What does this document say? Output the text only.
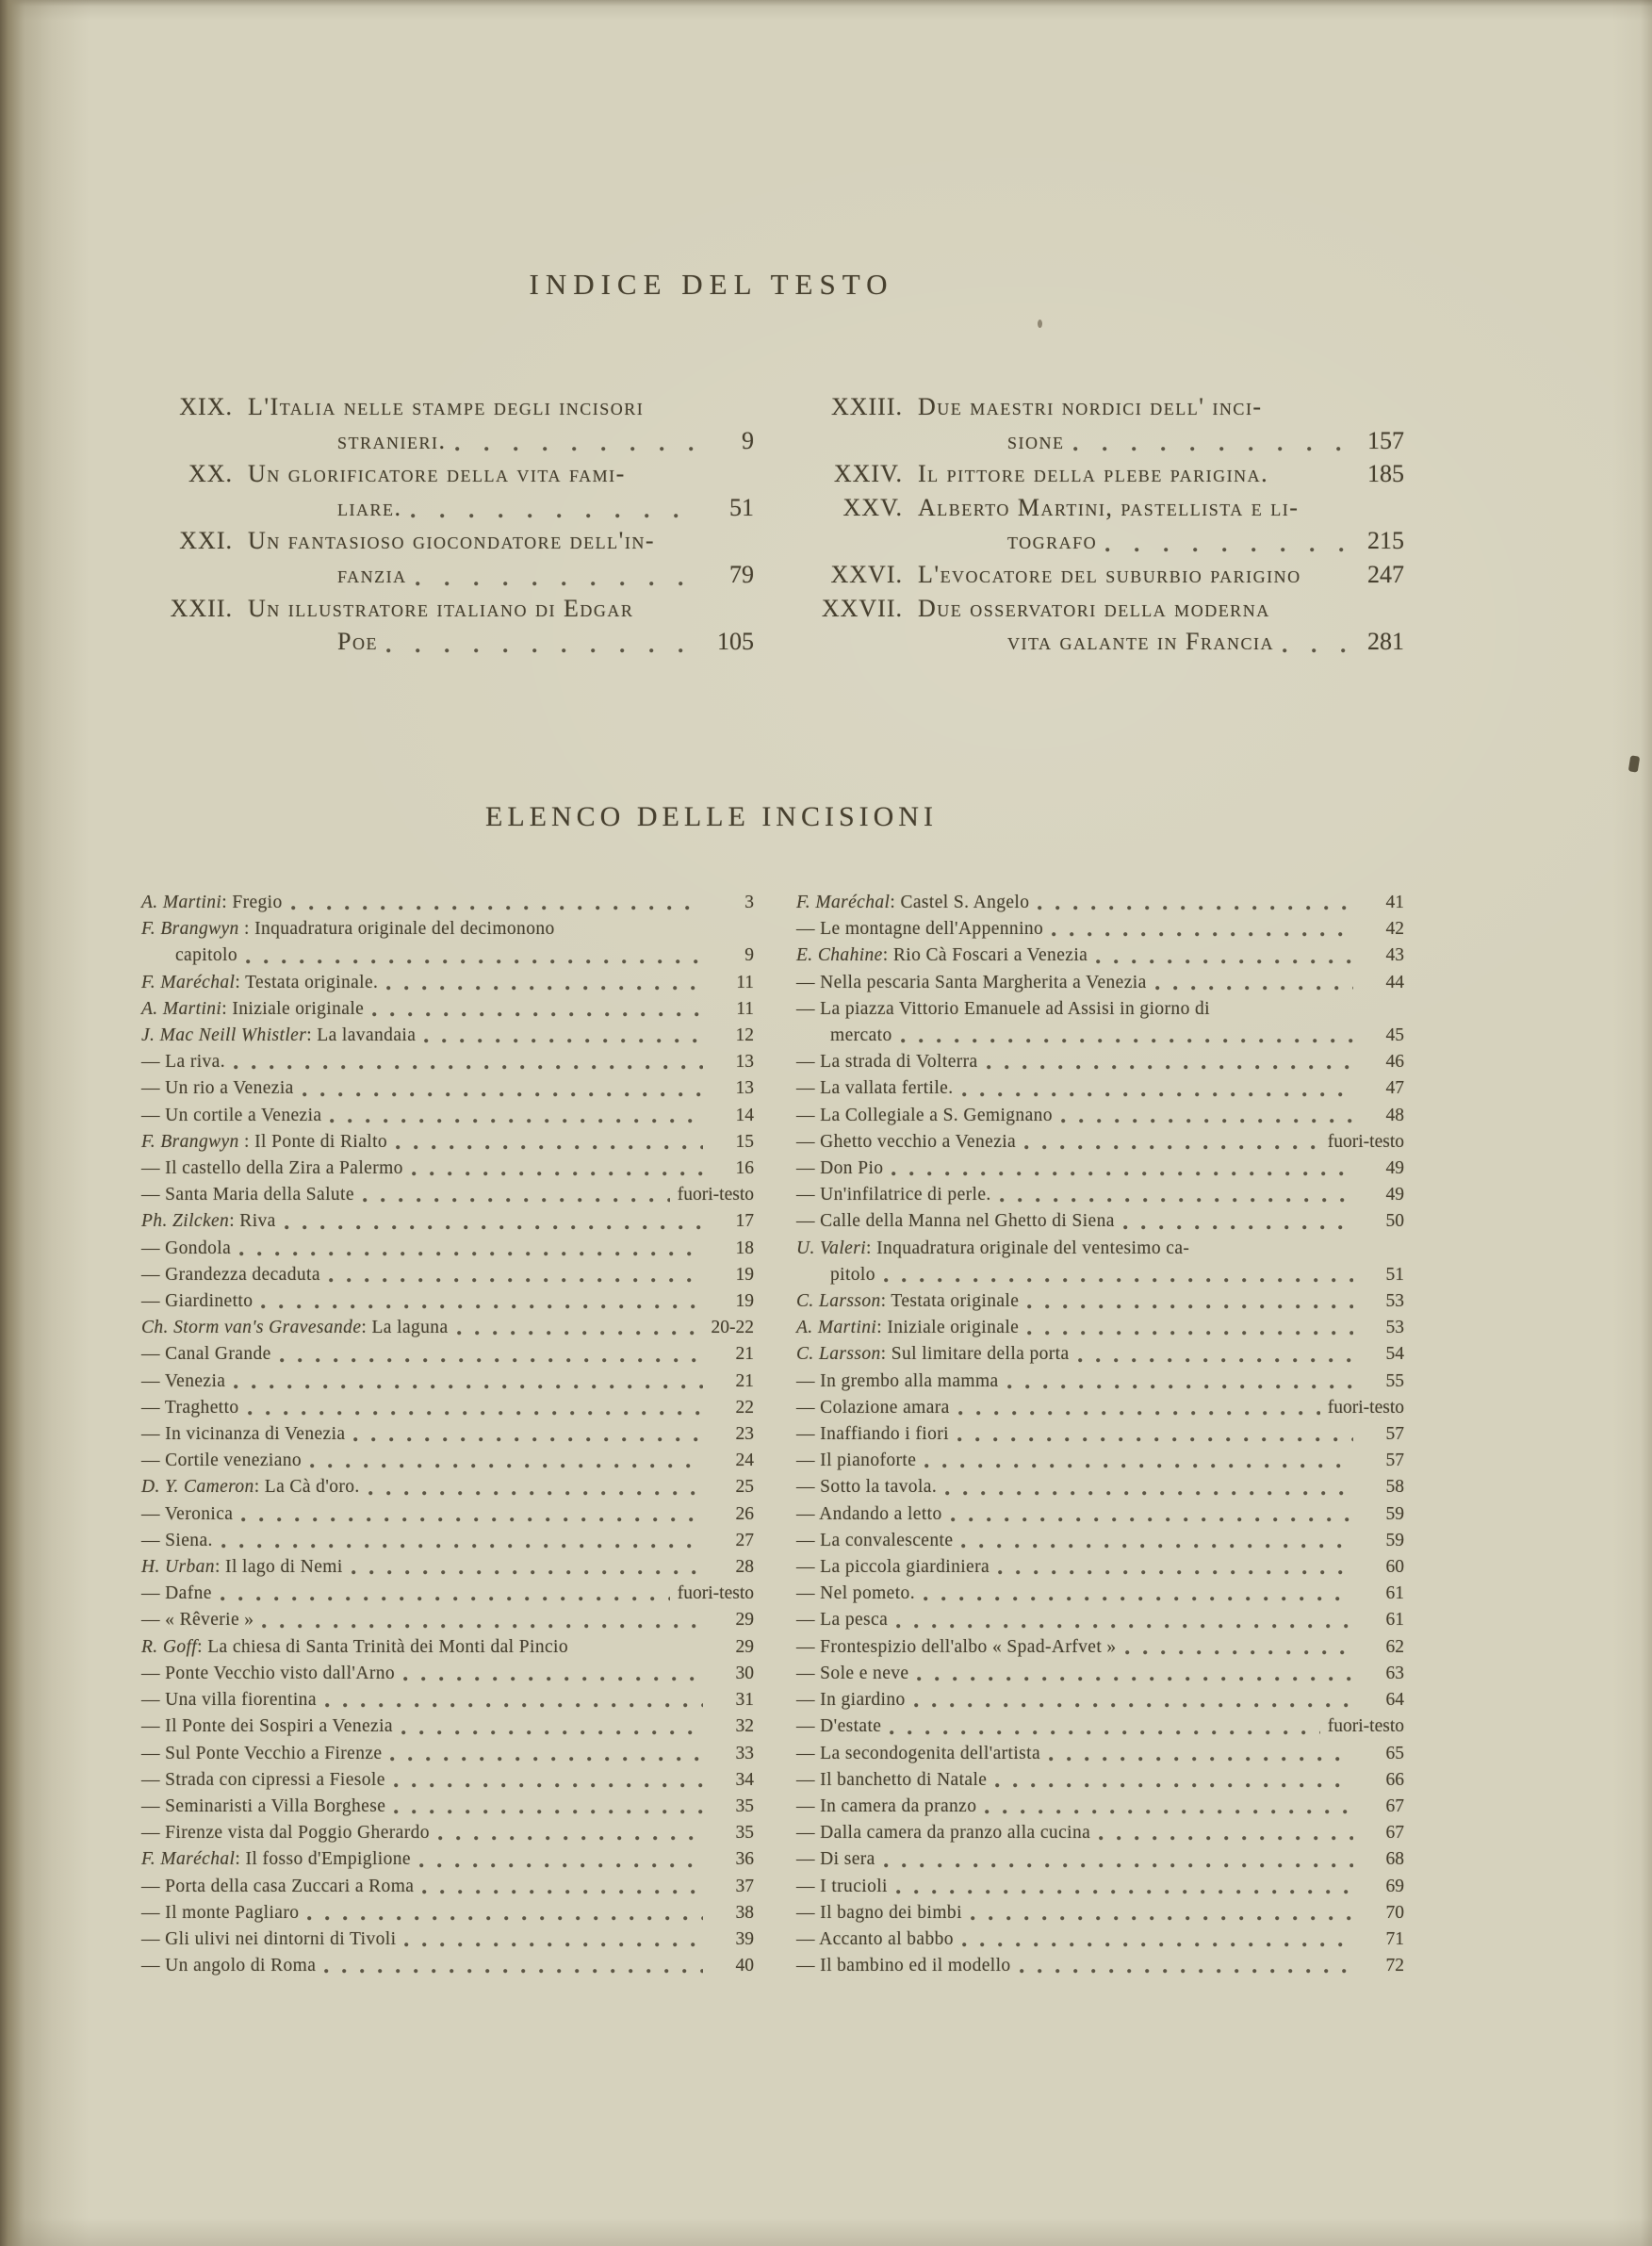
INDICE DEL TESTO
XIX. L'Italia nelle stampe degli incisori
stranieri.	9
XX. Un glorificatore della vita fami-
liare.	51
XXI. Un fantasioso giocondatore dell'in-
fanzia	79
XXII. Un illustratore italiano di Edgar
Poe	105
XXIII. Due maestri nordici dell' inci-
sione	157
XXIV. Il pittore della plebe parigina.	185
XXV. Alberto Martini, pastellista e li-
tografo	215
XXVI. L'evocatore del suburbio parigino	247
XXVII. Due osservatori della moderna
vita galante in Francia	281
ELENCO DELLE INCISIONI
A. Martini: Fregio	3
F. Brangwyn : Inquadratura originale del decimonono
capitolo	9
F. Maréchal: Testata originale.	11
A. Martini: Iniziale originale	11
J. Mac Neill Whistler: La lavandaia	12
— La riva.	13
— Un rio a Venezia	13
— Un cortile a Venezia	14
F. Brangwyn : Il Ponte di Rialto	15
— Il castello della Zira a Palermo	16
— Santa Maria della Salute	fuori-testo
Ph. Zilcken: Riva	17
— Gondola	18
— Grandezza decaduta	19
— Giardinetto	19
Ch. Storm van's Gravesande: La laguna	20-22
— Canal Grande	21
— Venezia	21
— Traghetto	22
— In vicinanza di Venezia	23
— Cortile veneziano	24
D. Y. Cameron: La Cà d'oro.	25
— Veronica	26
— Siena.	27
H. Urban: Il lago di Nemi	28
— Dafne	fuori-testo
— « Rêverie »	29
R. Goff: La chiesa di Santa Trinità dei Monti dal Pincio	29
— Ponte Vecchio visto dall'Arno	30
— Una villa fiorentina	31
— Il Ponte dei Sospiri a Venezia	32
— Sul Ponte Vecchio a Firenze	33
— Strada con cipressi a Fiesole	34
— Seminaristi a Villa Borghese	35
— Firenze vista dal Poggio Gherardo	35
F. Maréchal: Il fosso d'Empiglione	36
— Porta della casa Zuccari a Roma	37
— Il monte Pagliaro	38
— Gli ulivi nei dintorni di Tivoli	39
— Un angolo di Roma	40
F. Maréchal: Castel S. Angelo	41
— Le montagne dell'Appennino	42
E. Chahine: Rio Cà Foscari a Venezia	43
— Nella pescaria Santa Margherita a Venezia	44
— La piazza Vittorio Emanuele ad Assisi in giorno di
mercato	45
— La strada di Volterra	46
— La vallata fertile.	47
— La Collegiale a S. Gemignano	48
— Ghetto vecchio a Venezia	fuori-testo
— Don Pio	49
— Un'infilatrice di perle.	49
— Calle della Manna nel Ghetto di Siena	50
U. Valeri: Inquadratura originale del ventesimo ca-
pitolo	51
C. Larsson: Testata originale	53
A. Martini: Iniziale originale	53
C. Larsson: Sul limitare della porta	54
— In grembo alla mamma	55
— Colazione amara	fuori-testo
— Inaffiando i fiori	57
— Il pianoforte	57
— Sotto la tavola.	58
— Andando a letto	59
— La convalescente	59
— La piccola giardiniera	60
— Nel pometo.	61
— La pesca	61
— Frontespizio dell'albo « Spad-Arfvet »	62
— Sole e neve	63
— In giardino	64
— D'estate	fuori-testo
— La secondogenita dell'artista	65
— Il banchetto di Natale	66
— In camera da pranzo	67
— Dalla camera da pranzo alla cucina	67
— Di sera	68
— I trucioli	69
— Il bagno dei bimbi	70
— Accanto al babbo	71
— Il bambino ed il modello	72
